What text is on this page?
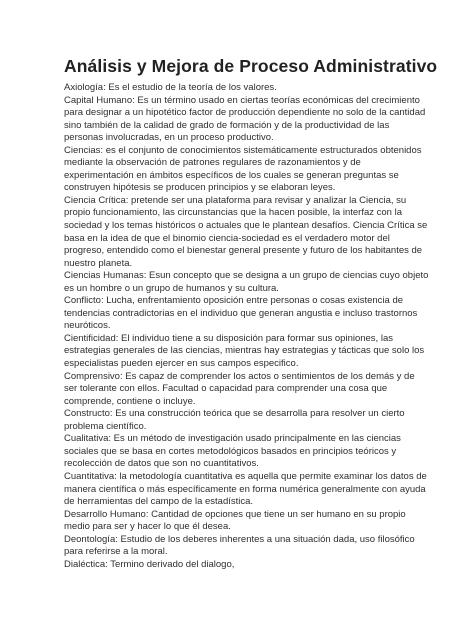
Análisis y Mejora de Proceso Administrativo
Axiología: Es el estudio de la teoría de los valores.
Capital Humano: Es un término usado en ciertas teorías económicas del crecimiento
para designar a un hipotético factor de producción dependiente no solo de la cantidad
sino también de la calidad de grado de formación y de la productividad de las
personas involucradas, en un proceso productivo.
Ciencias: es el conjunto de conocimientos sistemáticamente estructurados obtenidos
mediante la observación de patrones regulares de razonamientos y de
experimentación en ámbitos específicos de los cuales se generan preguntas se
construyen hipótesis se producen principios y se elaboran leyes.
Ciencia Crítica: pretende ser una plataforma para revisar y analizar la Ciencia, su
propio funcionamiento, las circunstancias que la hacen posible, la interfaz con la
sociedad y los temas históricos o actuales que le plantean desafíos. Ciencia Crítica se
basa en la idea de que el binomio ciencia-sociedad es el verdadero motor del
progreso, entendido como el bienestar general presente y futuro de los habitantes de
nuestro planeta.
Ciencias Humanas: Esun concepto que se designa a un grupo de ciencias cuyo objeto
es un hombre o un grupo de humanos y su cultura.
Conflicto: Lucha, enfrentamiento oposición entre personas o cosas existencia de
tendencias contradictorias en el individuo que generan angustia e incluso trastornos
neuróticos.
Cientificidad: El individuo tiene a su disposición para formar sus opiniones, las
estrategias generales de las ciencias, mientras hay estrategias y tácticas que solo los
especialistas pueden ejercer en sus campos especifico.
Comprensivo: Es capaz de comprender los actos o sentimientos de los demás y de
ser tolerante con ellos. Facultad o capacidad para comprender una cosa que
comprende, contiene o incluye.
Constructo: Es una construcción teórica que se desarrolla para resolver un cierto
problema científico.
Cualitativa: Es un método de investigación usado principalmente en las ciencias
sociales que se basa en cortes metodológicos basados en principios teóricos y
recolección de datos que son no cuantitativos.
Cuantitativa: la metodología cuantitativa es aquella que permite examinar los datos de
manera científica o más específicamente en forma numérica generalmente con ayuda
de herramientas del campo de la estadística.
Desarrollo Humano: Cantidad de opciones que tiene un ser humano en su propio
medio para ser y hacer lo que él desea.
Deontología: Estudio de los deberes inherentes a una situación dada, uso filosófico
para referirse a la moral.
Dialéctica: Termino derivado del dialogo,
